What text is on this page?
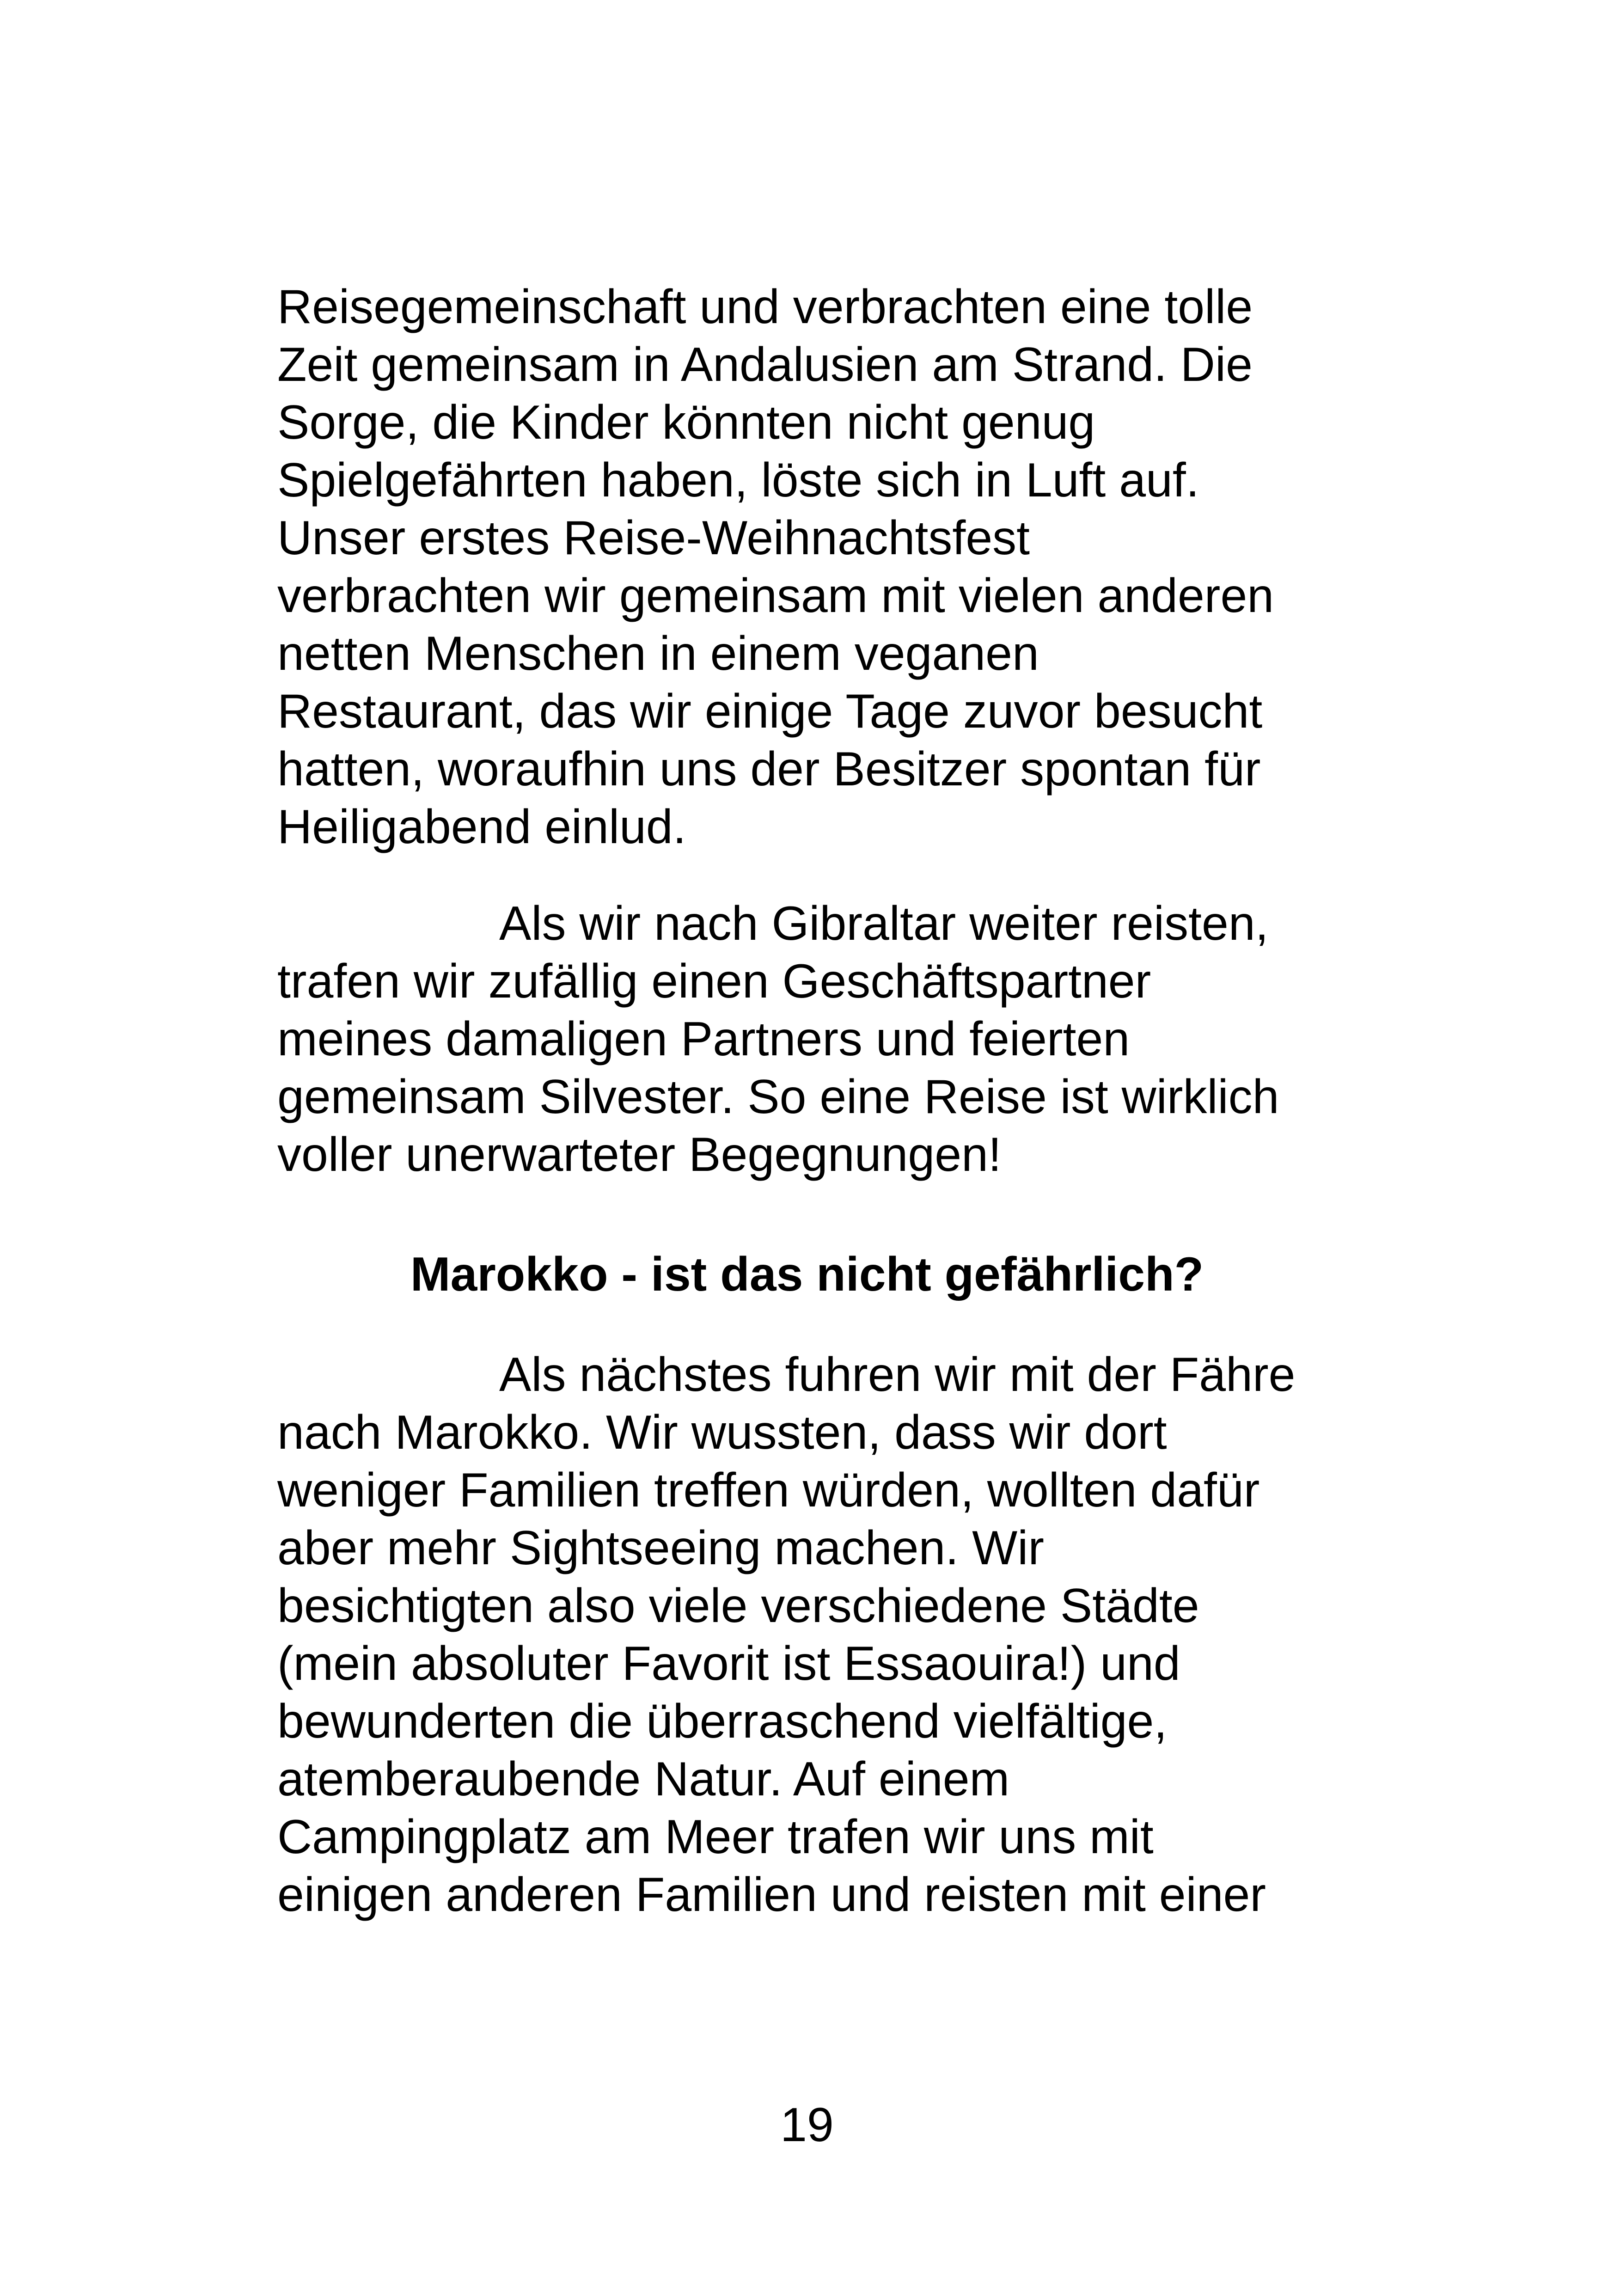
Reisegemeinschaft und verbrachten eine tolle
Zeit gemeinsam in Andalusien am Strand. Die
Sorge, die Kinder könnten nicht genug
Spielgefährten haben, löste sich in Luft auf.
Unser erstes Reise-Weihnachtsfest
verbrachten wir gemeinsam mit vielen anderen
netten Menschen in einem veganen
Restaurant, das wir einige Tage zuvor besucht
hatten, woraufhin uns der Besitzer spontan für
Heiligabend einlud.

Als wir nach Gibraltar weiter reisten,
trafen wir zufällig einen Geschäftspartner
meines damaligen Partners und feierten
gemeinsam Silvester. So eine Reise ist wirklich
voller unerwarteter Begegnungen!

Marokko - ist das nicht gefährlich?

Als nächstes fuhren wir mit der Fähre
nach Marokko. Wir wussten, dass wir dort
weniger Familien treffen würden, wollten dafür
aber mehr Sightseeing machen. Wir
besichtigten also viele verschiedene Städte
(mein absoluter Favorit ist Essaouira!) und
bewunderten die überraschend vielfältige,
atemberaubende Natur. Auf einem
Campingplatz am Meer trafen wir uns mit
einigen anderen Familien und reisten mit einer

19
